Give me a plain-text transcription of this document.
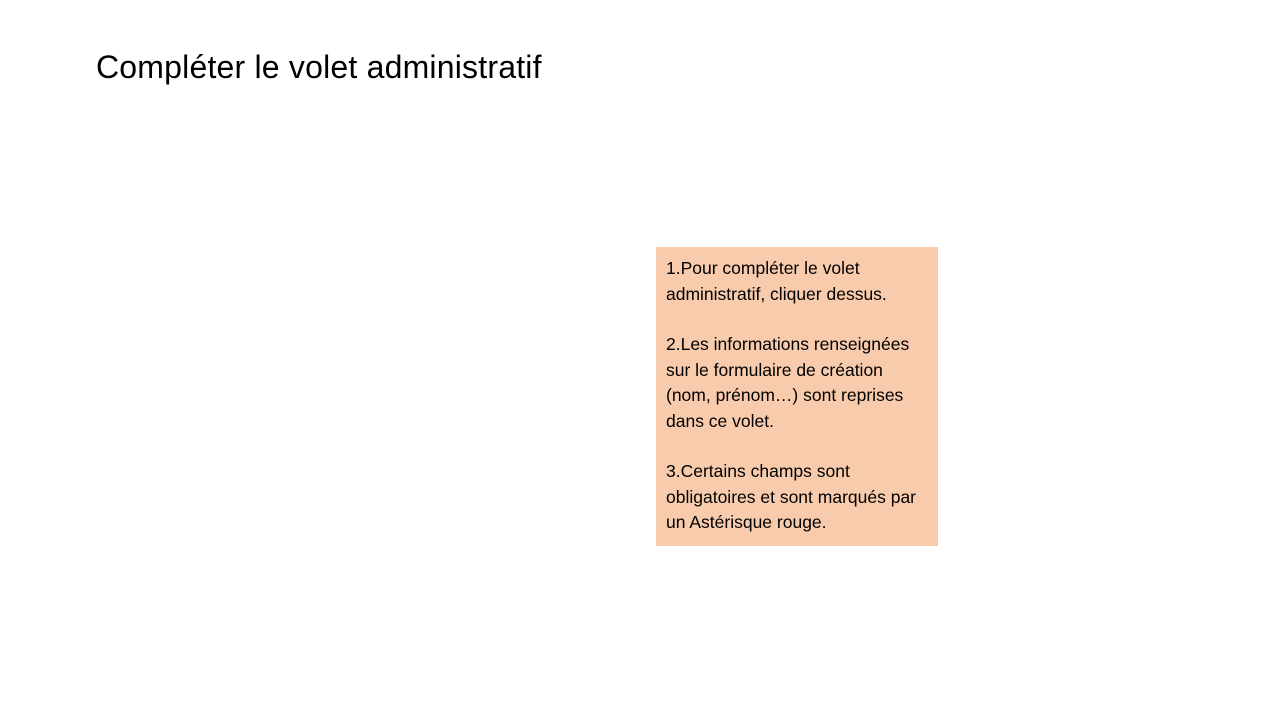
Compléter le volet administratif

1.Pour compléter le volet administratif, cliquer dessus.

2.Les informations renseignées sur le formulaire de création (nom, prénom…) sont reprises dans ce volet.

3.Certains champs sont obligatoires et sont marqués par un Astérisque rouge.
